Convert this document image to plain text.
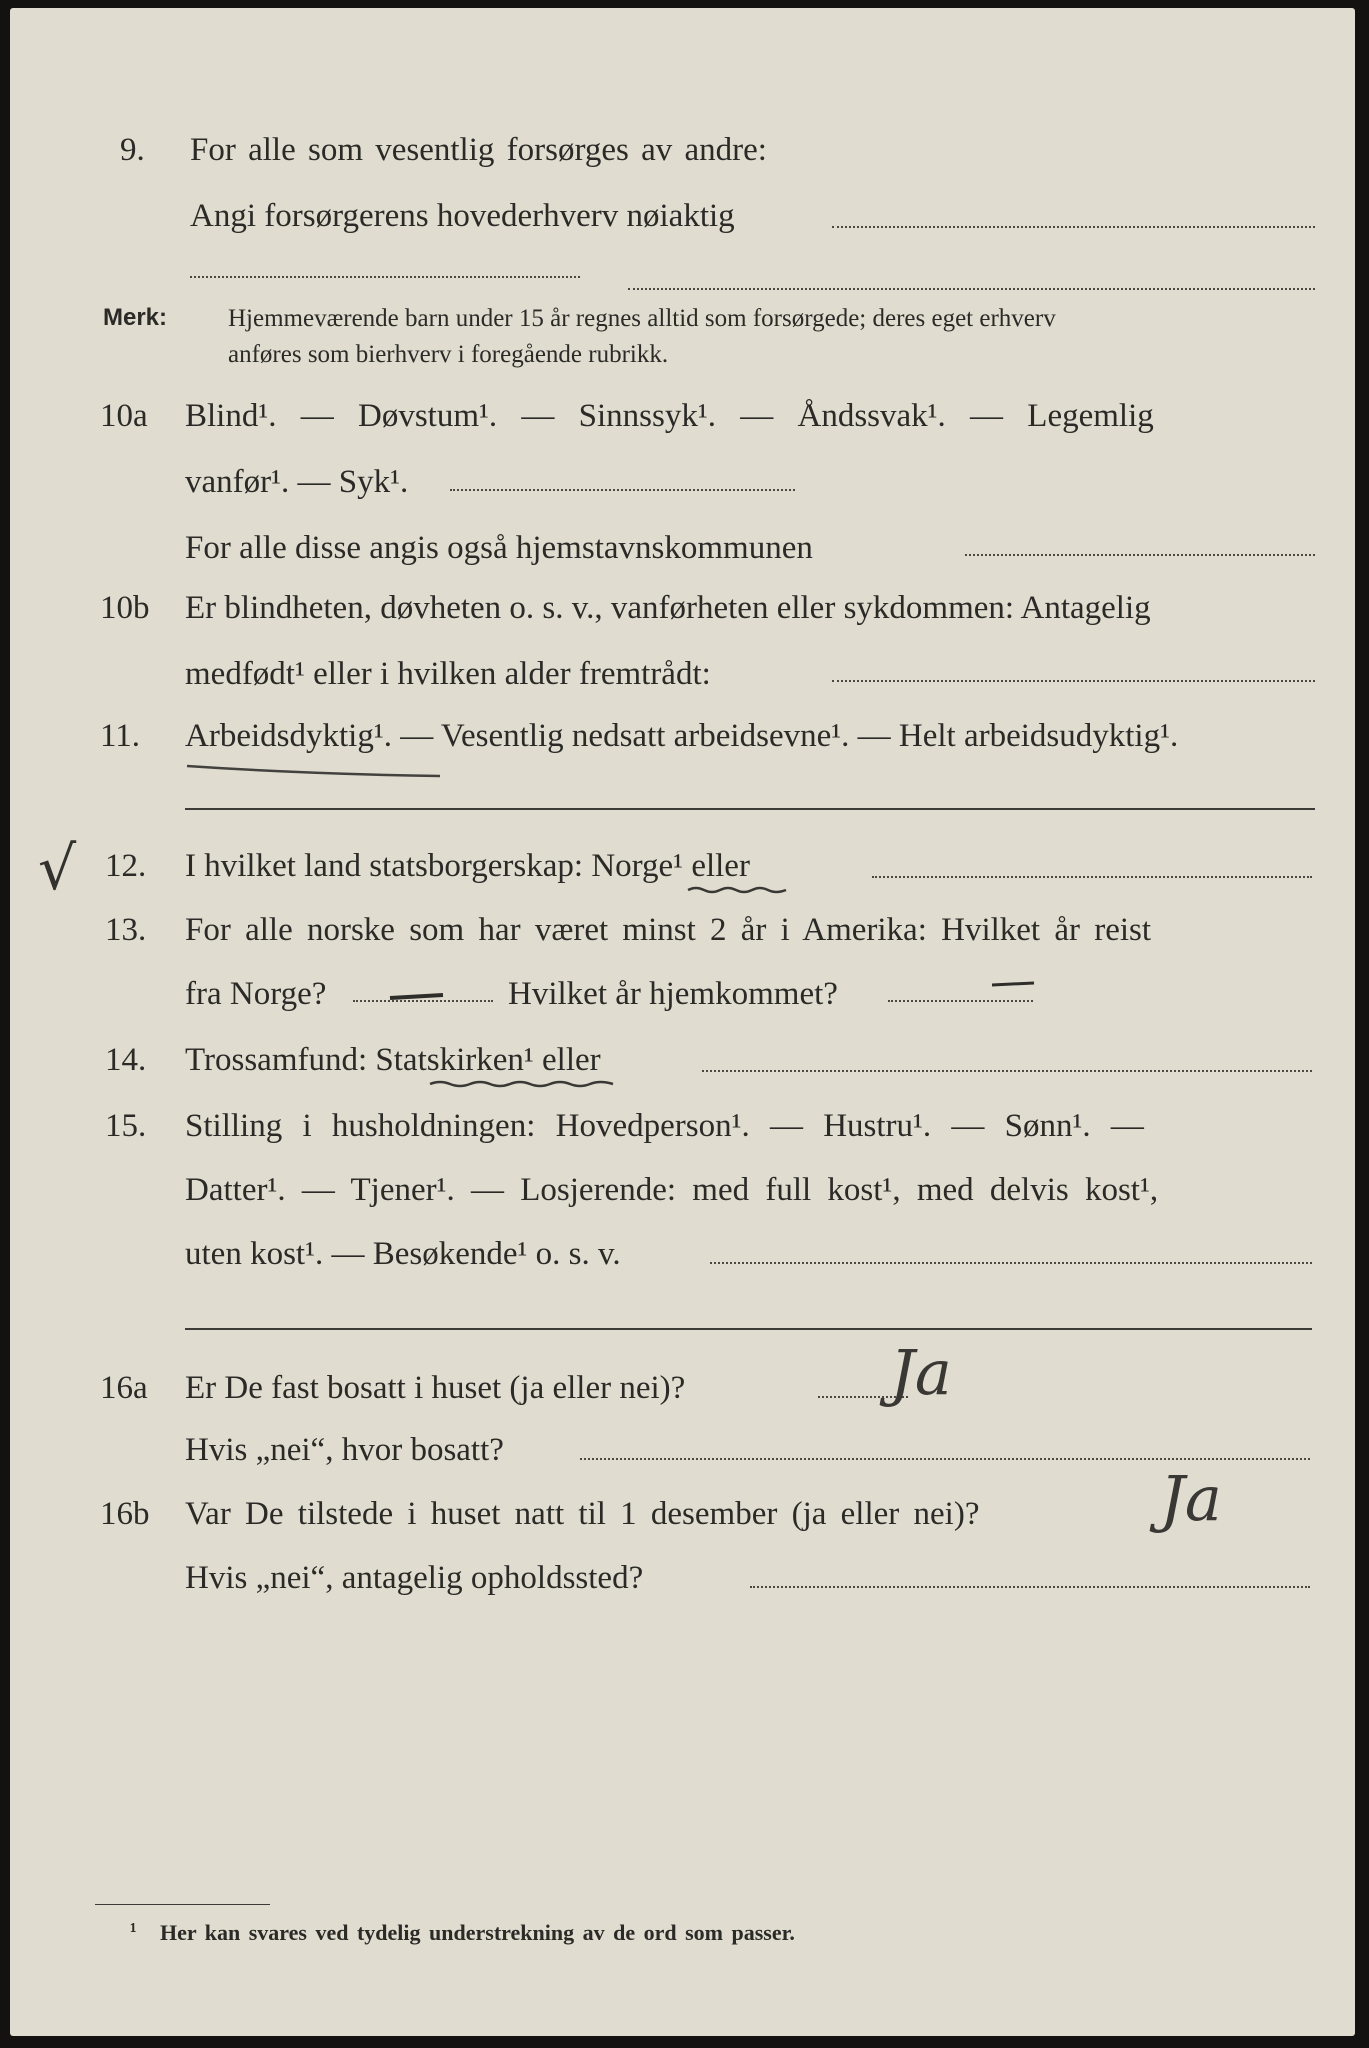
9. For alle som vesentlig forsørges av andre:
Angi forsørgerens hovederhverv nøiaktig
Merk: Hjemmeværende barn under 15 år regnes alltid som forsørgede; deres eget erhverv
anføres som bierhverv i foregående rubrikk.
10a Blind¹. — Døvstum¹. — Sinnssyk¹. — Åndssvak¹. — Legemlig
vanfør¹. — Syk¹.
For alle disse angis også hjemstavnskommunen
10b Er blindheten, døvheten o. s. v., vanførheten eller sykdommen: Antagelig
medfødt¹ eller i hvilken alder fremtrådt:
11. Arbeidsdyktig¹. — Vesentlig nedsatt arbeidsevne¹. — Helt arbeidsudyktig¹.
√ 12. I hvilket land statsborgerskap: Norge¹ eller
13. For alle norske som har været minst 2 år i Amerika: Hvilket år reist
fra Norge?	Hvilket år hjemkommet?
14. Trossamfund: Statskirken¹ eller
15. Stilling i husholdningen: Hovedperson¹. — Hustru¹. — Sønn¹. —
Datter¹. — Tjener¹. — Losjerende: med full kost¹, med delvis kost¹,
uten kost¹. — Besøkende¹ o. s. v.
16a Er De fast bosatt i huset (ja eller nei)?	Ja
Hvis „nei“, hvor bosatt?
16b Var De tilstede i huset natt til 1 desember (ja eller nei)?	Ja
Hvis „nei“, antagelig opholdssted?
¹ Her kan svares ved tydelig understrekning av de ord som passer.
